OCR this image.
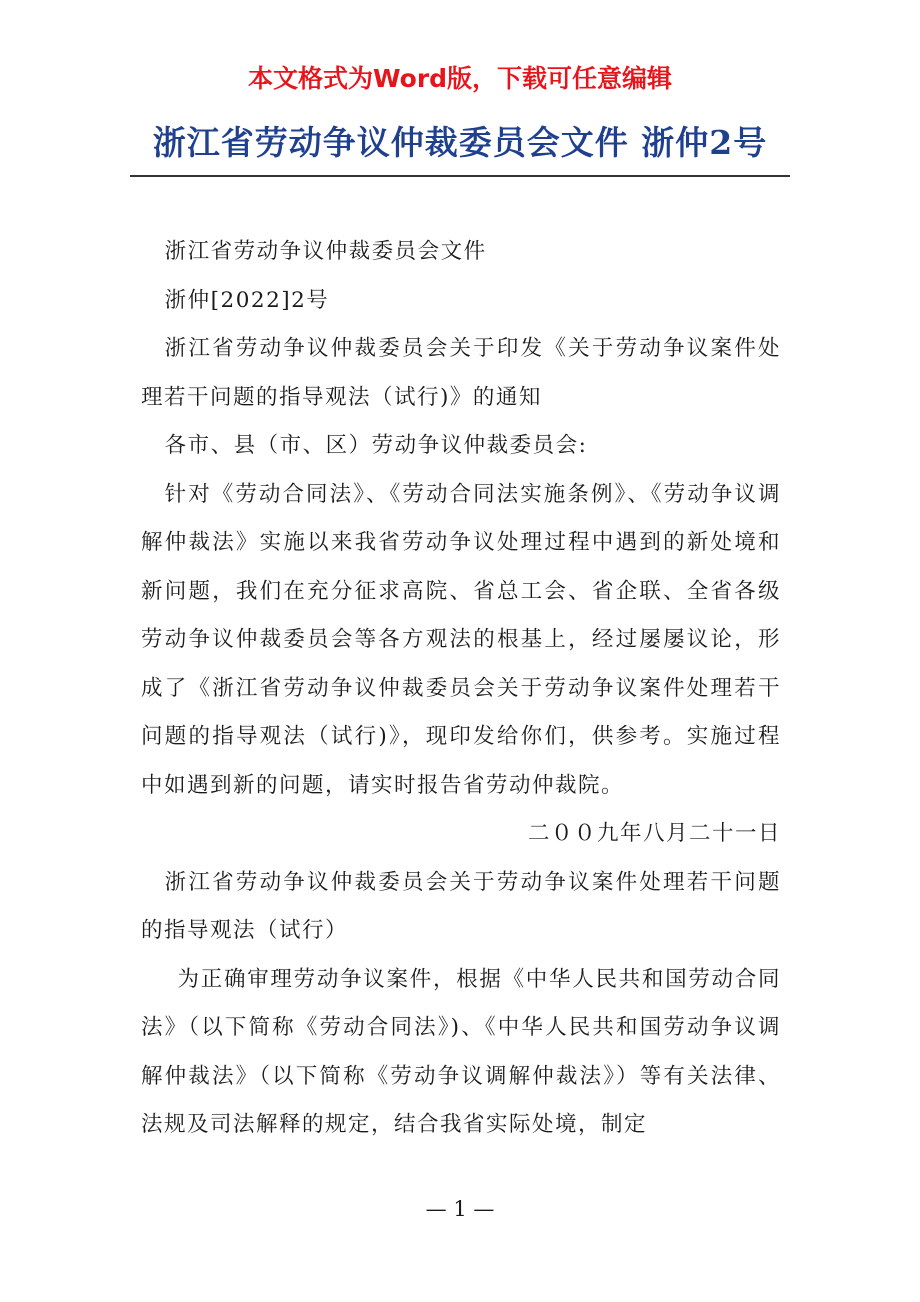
本文格式为Word版，下载可任意编辑
浙江省劳动争议仲裁委员会文件 浙仲2号

浙江省劳动争议仲裁委员会文件

浙仲[2022]2号

浙江省劳动争议仲裁委员会关于印发《关于劳动争议案件处理若干问题的指导观法（试行)》的通知

各市、县（市、区）劳动争议仲裁委员会:

针对《劳动合同法》、《劳动合同法实施条例》、《劳动争议调解仲裁法》实施以来我省劳动争议处理过程中遇到的新处境和新问题，我们在充分征求高院、省总工会、省企联、全省各级劳动争议仲裁委员会等各方观法的根基上，经过屡屡议论，形成了《浙江省劳动争议仲裁委员会关于劳动争议案件处理若干问题的指导观法（试行)》，现印发给你们，供参考。实施过程中如遇到新的问题，请实时报告省劳动仲裁院。

二００九年八月二十一日

浙江省劳动争议仲裁委员会关于劳动争议案件处理若干问题的指导观法（试行）

为正确审理劳动争议案件，根据《中华人民共和国劳动合同法》（以下简称《劳动合同法》)、《中华人民共和国劳动争议调解仲裁法》（以下简称《劳动争议调解仲裁法》）等有关法律、法规及司法解释的规定，结合我省实际处境，制定

— 1 —
